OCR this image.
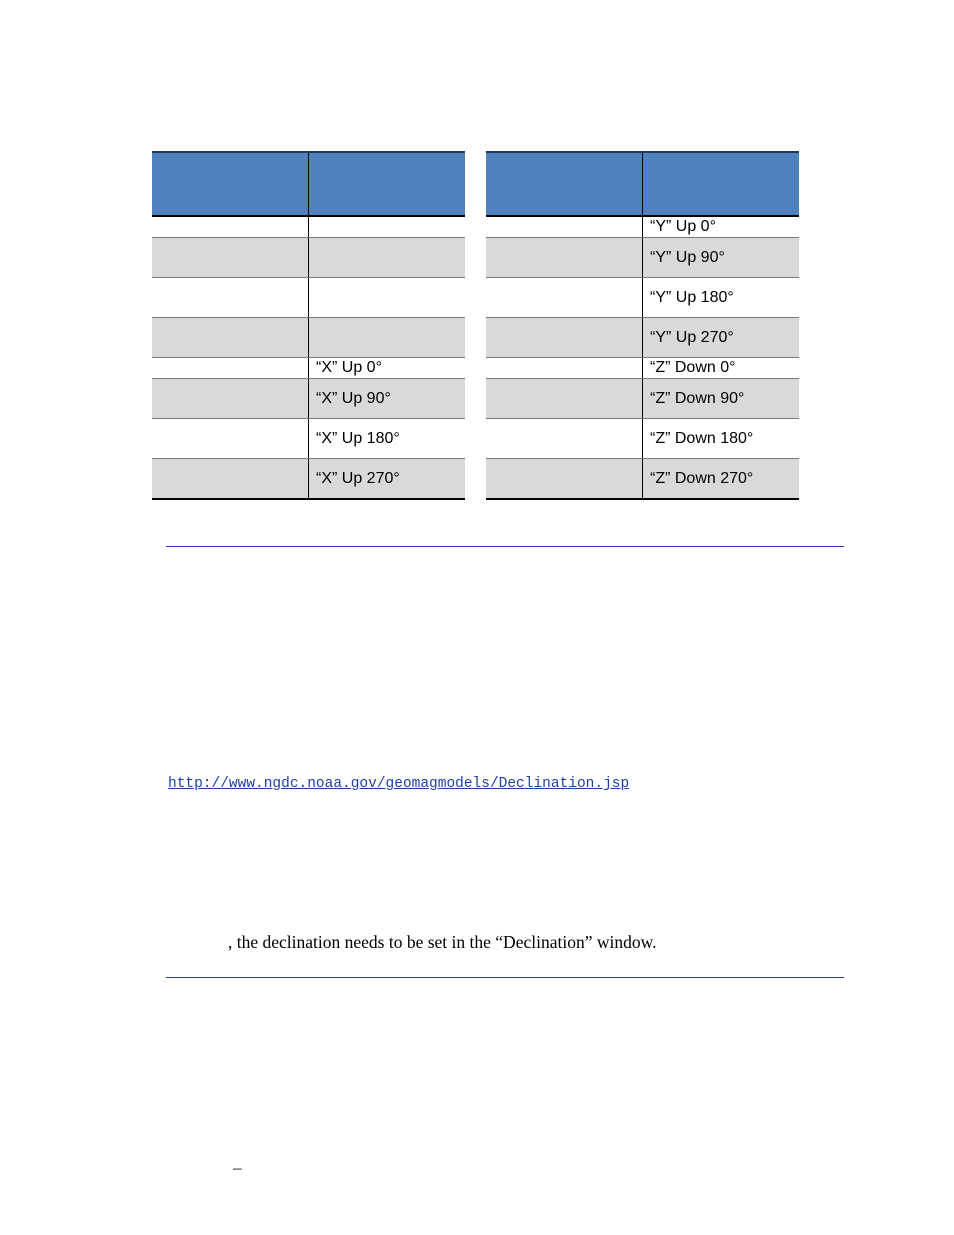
	“X” Up 0°
	“X” Up 90°
	“X” Up 180°
	“X” Up 270°

	“Y” Up 0°
	“Y” Up 90°
	“Y” Up 180°
	“Y” Up 270°
	“Z” Down 0°
	“Z” Down 90°
	“Z” Down 180°
	“Z” Down 270°
http://www.ngdc.noaa.gov/geomagmodels/Declination.jsp
, the declination needs to be set in the “Declination” window.
–
